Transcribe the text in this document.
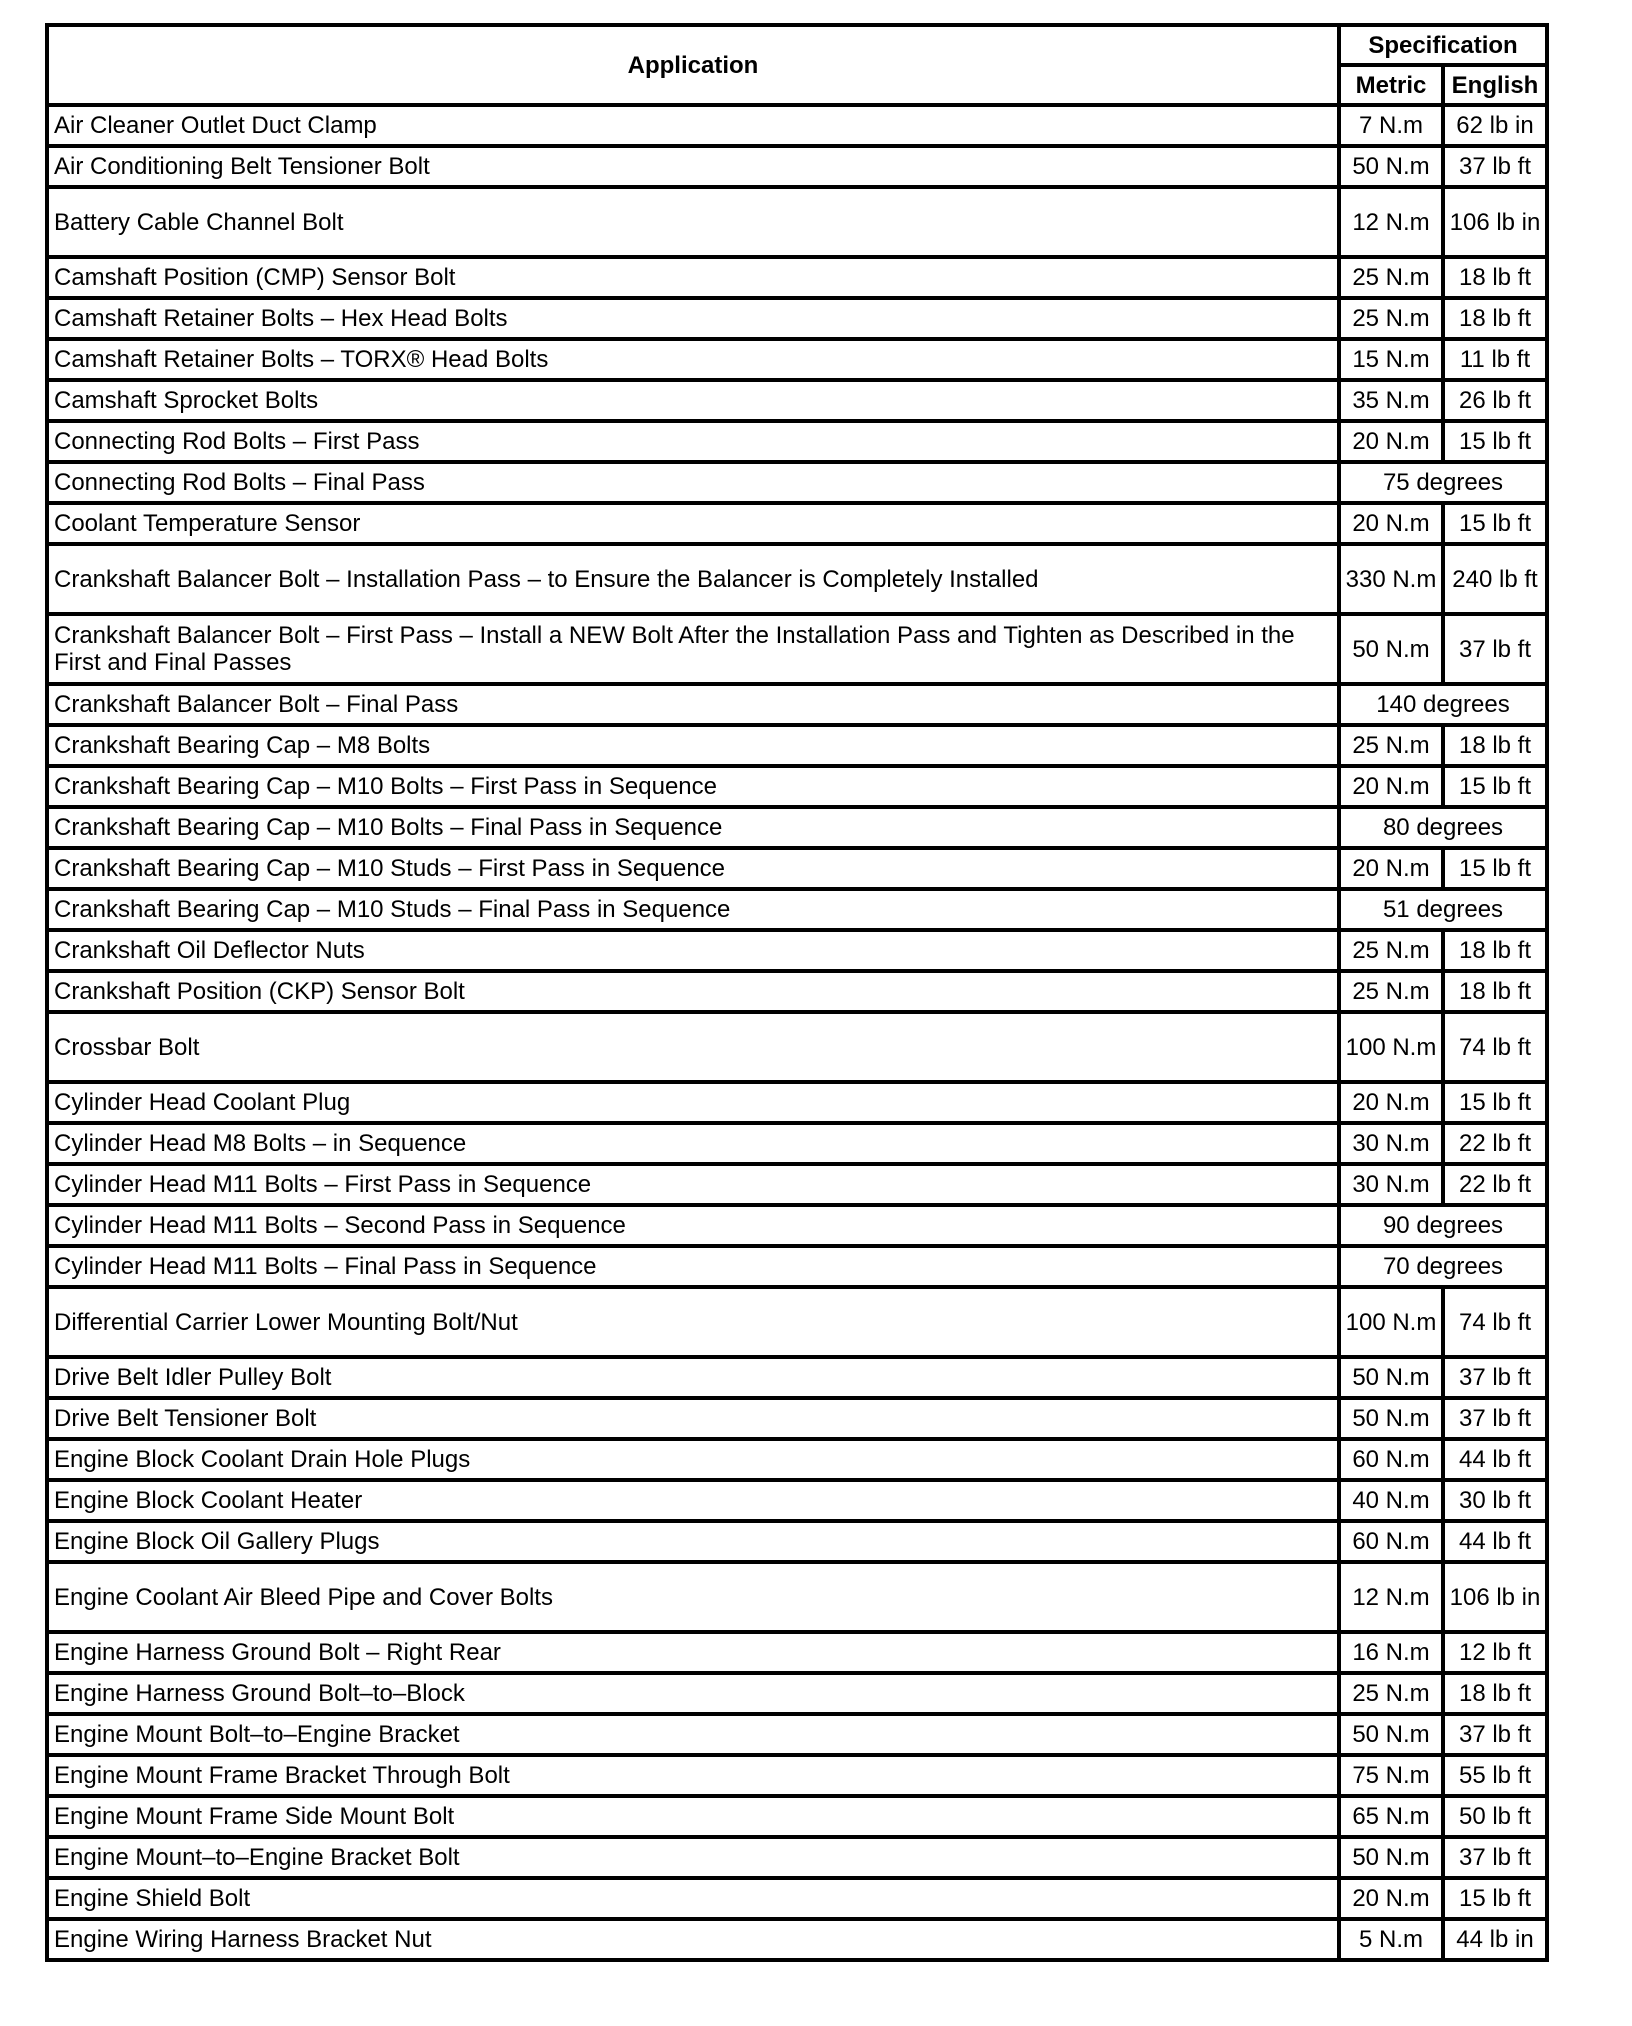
Application	Specification	
	Metric	English
Air Cleaner Outlet Duct Clamp	7 N.m	62 lb in
Air Conditioning Belt Tensioner Bolt	50 N.m	37 lb ft
Battery Cable Channel Bolt	12 N.m	106 lb in
Camshaft Position (CMP) Sensor Bolt	25 N.m	18 lb ft
Camshaft Retainer Bolts – Hex Head Bolts	25 N.m	18 lb ft
Camshaft Retainer Bolts – TORX® Head Bolts	15 N.m	11 lb ft
Camshaft Sprocket Bolts	35 N.m	26 lb ft
Connecting Rod Bolts – First Pass	20 N.m	15 lb ft
Connecting Rod Bolts – Final Pass	75 degrees	
Coolant Temperature Sensor	20 N.m	15 lb ft
Crankshaft Balancer Bolt – Installation Pass – to Ensure the Balancer is Completely Installed	330 N.m	240 lb ft
Crankshaft Balancer Bolt – First Pass – Install a NEW Bolt After the Installation Pass and Tighten as Described in the First and Final Passes	50 N.m	37 lb ft
Crankshaft Balancer Bolt – Final Pass	140 degrees	
Crankshaft Bearing Cap – M8 Bolts	25 N.m	18 lb ft
Crankshaft Bearing Cap – M10 Bolts – First Pass in Sequence	20 N.m	15 lb ft
Crankshaft Bearing Cap – M10 Bolts – Final Pass in Sequence	80 degrees	
Crankshaft Bearing Cap – M10 Studs – First Pass in Sequence	20 N.m	15 lb ft
Crankshaft Bearing Cap – M10 Studs – Final Pass in Sequence	51 degrees	
Crankshaft Oil Deflector Nuts	25 N.m	18 lb ft
Crankshaft Position (CKP) Sensor Bolt	25 N.m	18 lb ft
Crossbar Bolt	100 N.m	74 lb ft
Cylinder Head Coolant Plug	20 N.m	15 lb ft
Cylinder Head M8 Bolts – in Sequence	30 N.m	22 lb ft
Cylinder Head M11 Bolts – First Pass in Sequence	30 N.m	22 lb ft
Cylinder Head M11 Bolts – Second Pass in Sequence	90 degrees	
Cylinder Head M11 Bolts – Final Pass in Sequence	70 degrees	
Differential Carrier Lower Mounting Bolt/Nut	100 N.m	74 lb ft
Drive Belt Idler Pulley Bolt	50 N.m	37 lb ft
Drive Belt Tensioner Bolt	50 N.m	37 lb ft
Engine Block Coolant Drain Hole Plugs	60 N.m	44 lb ft
Engine Block Coolant Heater	40 N.m	30 lb ft
Engine Block Oil Gallery Plugs	60 N.m	44 lb ft
Engine Coolant Air Bleed Pipe and Cover Bolts	12 N.m	106 lb in
Engine Harness Ground Bolt – Right Rear	16 N.m	12 lb ft
Engine Harness Ground Bolt–to–Block	25 N.m	18 lb ft
Engine Mount Bolt–to–Engine Bracket	50 N.m	37 lb ft
Engine Mount Frame Bracket Through Bolt	75 N.m	55 lb ft
Engine Mount Frame Side Mount Bolt	65 N.m	50 lb ft
Engine Mount–to–Engine Bracket Bolt	50 N.m	37 lb ft
Engine Shield Bolt	20 N.m	15 lb ft
Engine Wiring Harness Bracket Nut	5 N.m	44 lb in
